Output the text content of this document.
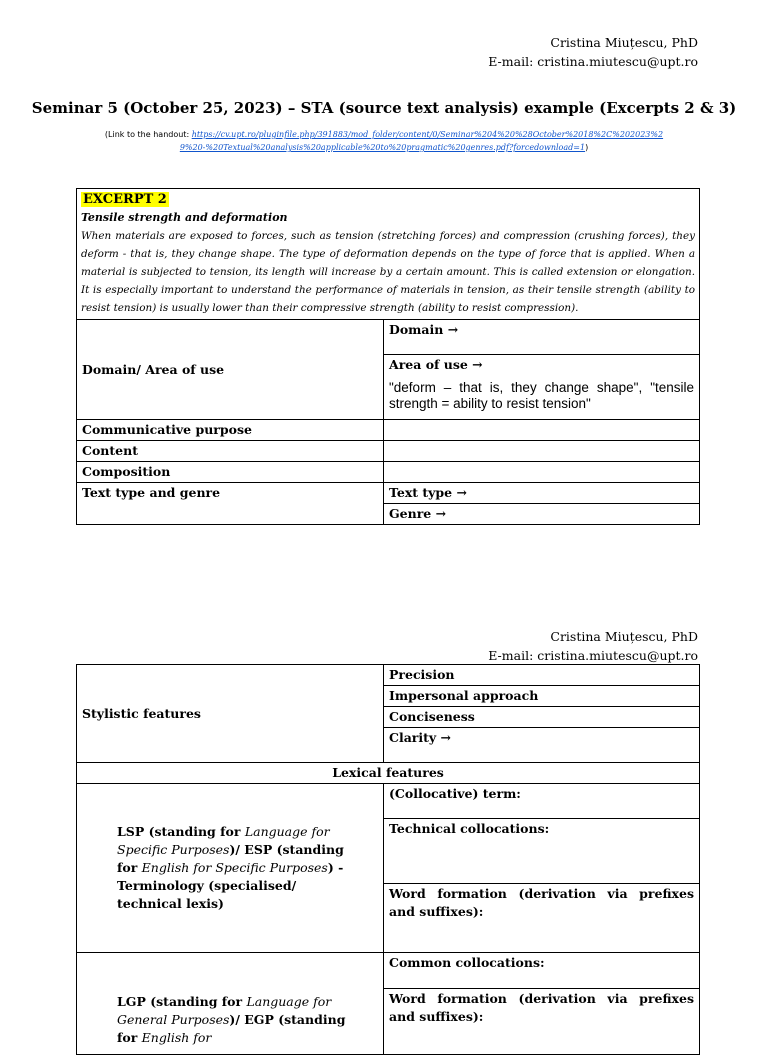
Cristina Miuțescu, PhD
E-mail: cristina.miutescu@upt.ro
Seminar 5 (October 25, 2023) – STA (source text analysis) example (Excerpts 2 & 3)
(Link to the handout: https://cv.upt.ro/pluginfile.php/391883/mod_folder/content/0/Seminar%204%20%28October%2018%2C%202023%29%20-%20Textual%20analysis%20applicable%20to%20pragmatic%20genres.pdf?forcedownload=1)
EXCERPT 2
Tensile strength and deformation
When materials are exposed to forces, such as tension (stretching forces) and compression (crushing forces), they deform - that is, they change shape. The type of deformation depends on the type of force that is applied. When a material is subjected to tension, its length will increase by a certain amount. This is called extension or elongation. It is especially important to understand the performance of materials in tension, as their tensile strength (ability to resist tension) is usually lower than their compressive strength (ability to resist compression).	

Domain/ Area of use	Domain →

	Area of use →
"deform – that is, they change shape", "tensile strength = ability to resist tension"

Communicative purpose	
Content	
Composition	
Text type and genre	Text type →
	Genre →
Cristina Miuțescu, PhD
E-mail: cristina.miutescu@upt.ro
Stylistic features	Precision
	Impersonal approach
	Conciseness
	Clarity →
Lexical features	
LSP (standing for Language for Specific Purposes)/ ESP (standing for English for Specific Purposes) - Terminology (specialised/ technical lexis)	(Collocative) term:
	Technical collocations:
	Word formation (derivation via prefixes and suffixes):
LGP (standing for Language for General Purposes)/ EGP (standing for English for	Common collocations:
	Word formation (derivation via prefixes and suffixes):
